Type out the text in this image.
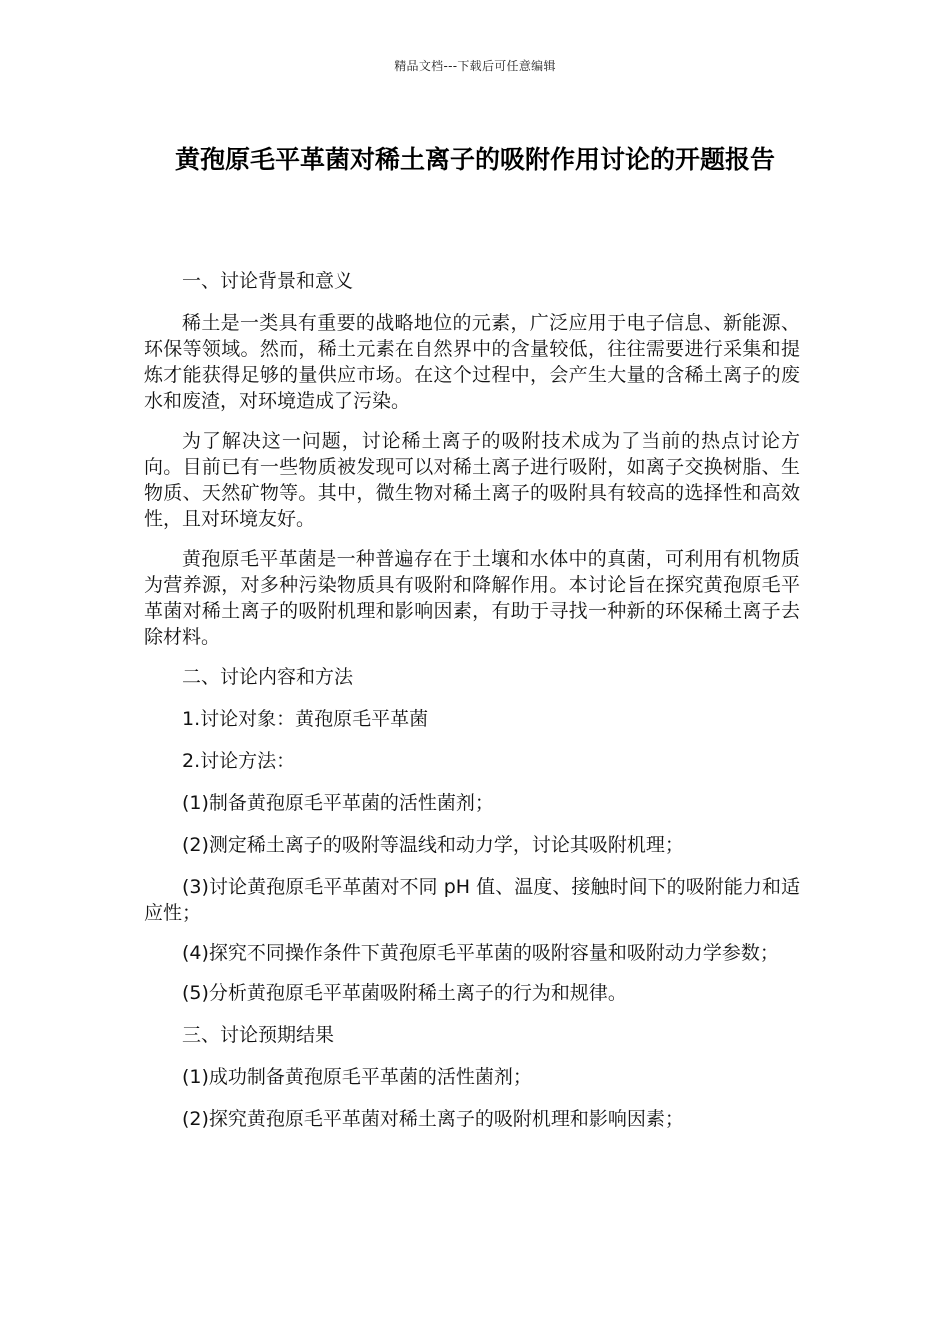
精品文档---下载后可任意编辑
黄孢原毛平革菌对稀土离子的吸附作用讨论的开题报告

一、讨论背景和意义

稀土是一类具有重要的战略地位的元素，广泛应用于电子信息、新能源、环保等领域。然而，稀土元素在自然界中的含量较低，往往需要进行采集和提炼才能获得足够的量供应市场。在这个过程中，会产生大量的含稀土离子的废水和废渣，对环境造成了污染。

为了解决这一问题，讨论稀土离子的吸附技术成为了当前的热点讨论方向。目前已有一些物质被发现可以对稀土离子进行吸附，如离子交换树脂、生物质、天然矿物等。其中，微生物对稀土离子的吸附具有较高的选择性和高效性，且对环境友好。

黄孢原毛平革菌是一种普遍存在于土壤和水体中的真菌，可利用有机物质为营养源，对多种污染物质具有吸附和降解作用。本讨论旨在探究黄孢原毛平革菌对稀土离子的吸附机理和影响因素，有助于寻找一种新的环保稀土离子去除材料。

二、讨论内容和方法

1.讨论对象：黄孢原毛平革菌

2.讨论方法：

(1)制备黄孢原毛平革菌的活性菌剂；

(2)测定稀土离子的吸附等温线和动力学，讨论其吸附机理；

(3)讨论黄孢原毛平革菌对不同 pH 值、温度、接触时间下的吸附能力和适应性；

(4)探究不同操作条件下黄孢原毛平革菌的吸附容量和吸附动力学参数；

(5)分析黄孢原毛平革菌吸附稀土离子的行为和规律。

三、讨论预期结果

(1)成功制备黄孢原毛平革菌的活性菌剂；

(2)探究黄孢原毛平革菌对稀土离子的吸附机理和影响因素；
